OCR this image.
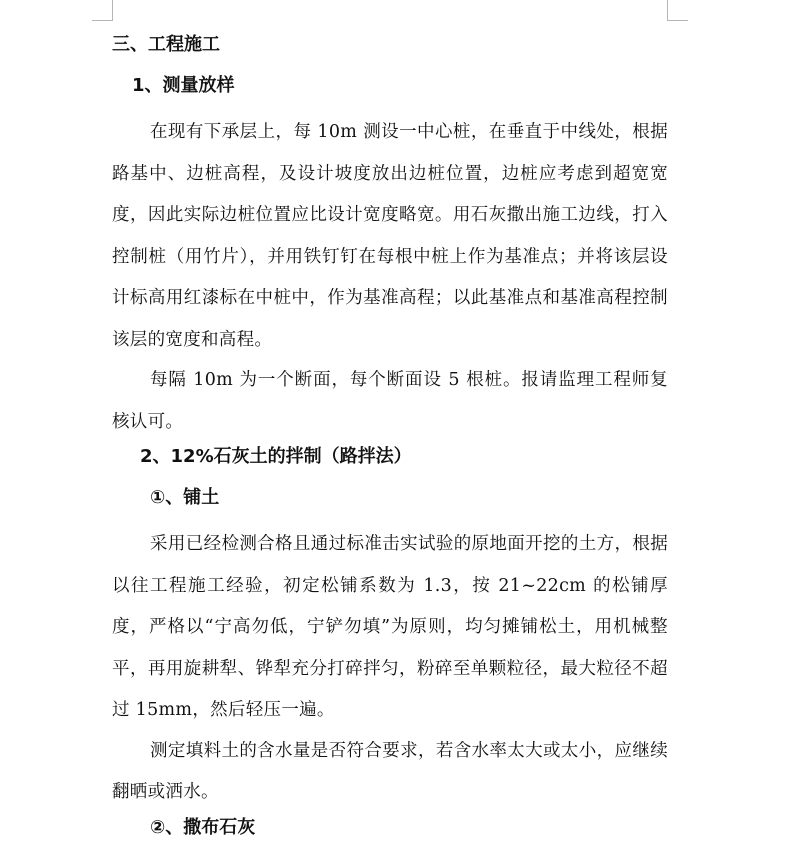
三、工程施工
1、测量放样

在现有下承层上，每 10m 测设一中心桩，在垂直于中线处，根据路基中、边桩高程，及设计坡度放出边桩位置，边桩应考虑到超宽宽度，因此实际边桩位置应比设计宽度略宽。用石灰撒出施工边线，打入控制桩（用竹片），并用铁钉钉在每根中桩上作为基准点；并将该层设计标高用红漆标在中桩中，作为基准高程；以此基准点和基准高程控制该层的宽度和高程。

每隔 10m 为一个断面，每个断面设 5 根桩。报请监理工程师复核认可。

2、12%石灰土的拌制（路拌法）
①、铺土

采用已经检测合格且通过标准击实试验的原地面开挖的土方，根据以往工程施工经验，初定松铺系数为 1.3，按 21~22cm 的松铺厚度，严格以“宁高勿低，宁铲勿填”为原则，均匀摊铺松土，用机械整平，再用旋耕犁、铧犁充分打碎拌匀，粉碎至单颗粒径，最大粒径不超过 15mm，然后轻压一遍。

测定填料土的含水量是否符合要求，若含水率太大或太小，应继续翻晒或洒水。

②、撒布石灰
